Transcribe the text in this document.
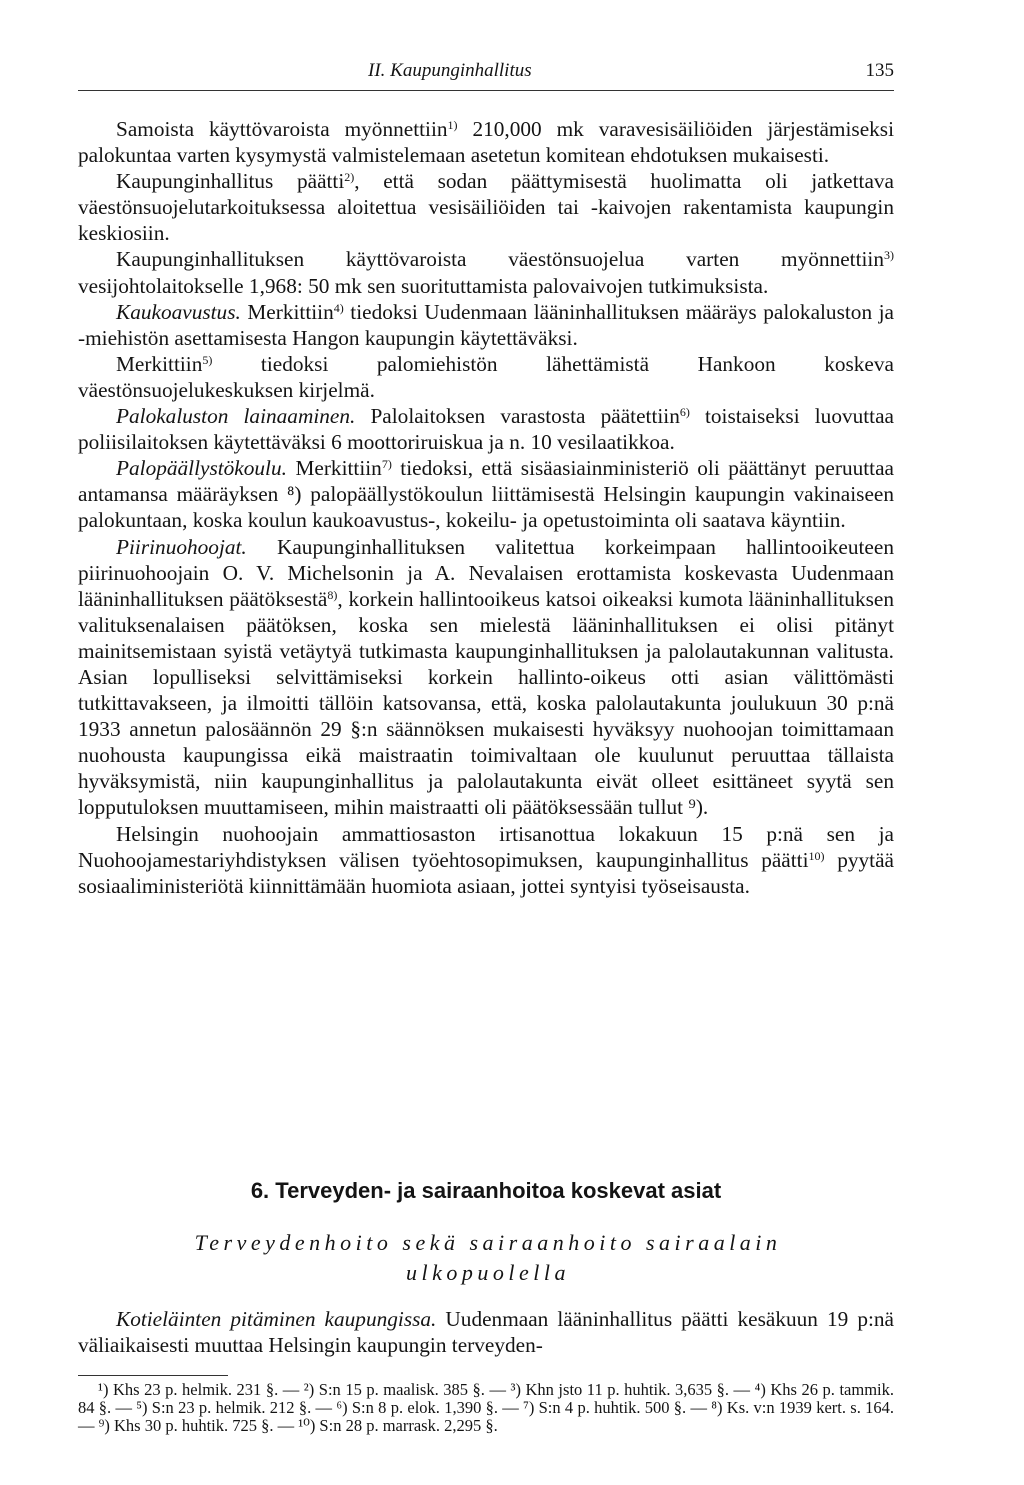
II. Kaupunginhallitus	135

Samoista käyttövaroista myönnettiin$^{1)}$ 210,000 mk varavesisäiliöiden järjestämiseksi palokuntaa varten kysymystä valmistelemaan asetetun komitean ehdotuksen mukaisesti.

Kaupunginhallitus päätti$^{2)}$, että sodan päättymisestä huolimatta oli jatkettava väestönsuojelutarkoituksessa aloitettua vesisäiliöiden tai -kaivojen rakentamista kaupungin keskiosiin.

Kaupunginhallituksen käyttövaroista väestönsuojelua varten myönnettiin$^{3)}$ vesijohtolaitokselle 1,968: 50 mk sen suorituttamista palovaivojen tutkimuksista.

Kaukoavustus. Merkittiin$^{4)}$ tiedoksi Uudenmaan lääninhallituksen määräys palokaluston ja -miehistön asettamisesta Hangon kaupungin käytettäväksi.

Merkittiin$^{5)}$ tiedoksi palomiehistön lähettämistä Hankoon koskeva väestönsuojelukeskuksen kirjelmä.

Palokaluston lainaaminen. Palolaitoksen varastosta päätettiin$^{6)}$ toistaiseksi luovuttaa poliisilaitoksen käytettäväksi 6 moottoriruiskua ja n. 10 vesilaatikkoa.

Palopäällystökoulu. Merkittiin$^{7)}$ tiedoksi, että sisäasiainministeriö oli päättänyt peruuttaa antamansa määräyksen ⁸) palopäällystökoulun liittämisestä Helsingin kaupungin vakinaiseen palokuntaan, koska koulun kaukoavustus-, kokeilu- ja opetustoiminta oli saatava käyntiin.

Piirinuohoojat. Kaupunginhallituksen valitettua korkeimpaan hallintooikeuteen piirinuohoojain O. V. Michelsonin ja A. Nevalaisen erottamista koskevasta Uudenmaan lääninhallituksen päätöksestä$^{8)}$, korkein hallintooikeus katsoi oikeaksi kumota lääninhallituksen valituksenalaisen päätöksen, koska sen mielestä lääninhallituksen ei olisi pitänyt mainitsemistaan syistä vetäytyä tutkimasta kaupunginhallituksen ja palolautakunnan valitusta. Asian lopulliseksi selvittämiseksi korkein hallinto-oikeus otti asian välittömästi tutkittavakseen, ja ilmoitti tällöin katsovansa, että, koska palolautakunta joulukuun 30 p:nä 1933 annetun palosäännön 29 §:n säännöksen mukaisesti hyväksyy nuohoojan toimittamaan nuohousta kaupungissa eikä maistraatin toimivaltaan ole kuulunut peruuttaa tällaista hyväksymistä, niin kaupunginhallitus ja palolautakunta eivät olleet esittäneet syytä sen lopputuloksen muuttamiseen, mihin maistraatti oli päätöksessään tullut ⁹).

Helsingin nuohoojain ammattiosaston irtisanottua lokakuun 15 p:nä sen ja Nuohoojamestariyhdistyksen välisen työehtosopimuksen, kaupunginhallitus päätti$^{10)}$ pyytää sosiaaliministeriötä kiinnittämään huomiota asiaan, jottei syntyisi työseisausta.

6. Terveyden- ja sairaanhoitoa koskevat asiat
Terveydenhoito sekä sairaanhoito sairaalain ulkopuolella

Kotieläinten pitäminen kaupungissa. Uudenmaan lääninhallitus päätti kesäkuun 19 p:nä väliaikaisesti muuttaa Helsingin kaupungin terveyden-

¹) Khs 23 p. helmik. 231 §. — ²) S:n 15 p. maalisk. 385 §. — ³) Khn jsto 11 p. huhtik. 3,635 §. — ⁴) Khs 26 p. tammik. 84 §. — ⁵) S:n 23 p. helmik. 212 §. — ⁶) S:n 8 p. elok. 1,390 §. — ⁷) S:n 4 p. huhtik. 500 §. — ⁸) Ks. v:n 1939 kert. s. 164. — ⁹) Khs 30 p. huhtik. 725 §. — ¹⁰) S:n 28 p. marrask. 2,295 §.
